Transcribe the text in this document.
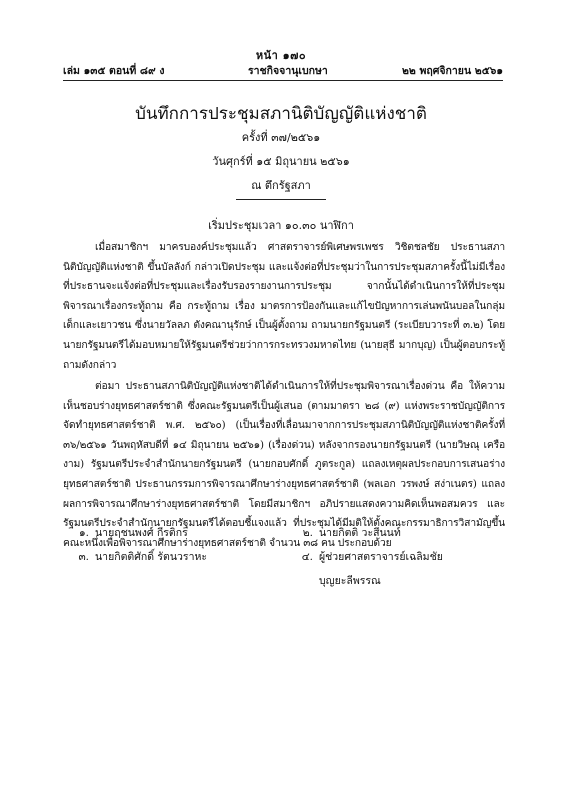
หน้า ๑๗๐
เล่ม ๑๓๕ ตอนที่ ๘๙ ง	ราชกิจจานุเบกษา	๒๒ พฤศจิกายน ๒๕๖๑
บันทึกการประชุมสภานิติบัญญัติแห่งชาติ
ครั้งที่ ๓๗/๒๕๖๑
วันศุกร์ที่ ๑๕ มิถุนายน ๒๕๖๑
ณ ตึกรัฐสภา
เริ่มประชุมเวลา ๑๐.๓๐ นาฬิกา

เมื่อสมาชิกฯ มาครบองค์ประชุมแล้ว ศาสตราจารย์พิเศษพรเพชร วิชิตชลชัย ประธานสภานิติบัญญัติแห่งชาติ ขึ้นบัลลังก์ กล่าวเปิดประชุม และแจ้งต่อที่ประชุมว่าในการประชุมสภาครั้งนี้ไม่มีเรื่องที่ประธานจะแจ้งต่อที่ประชุมและเรื่องรับรองรายงานการประชุม จากนั้นได้ดำเนินการให้ที่ประชุมพิจารณาเรื่องกระทู้ถาม คือ กระทู้ถาม เรื่อง มาตรการป้องกันและแก้ไขปัญหาการเล่นพนันบอลในกลุ่มเด็กและเยาวชน ซึ่งนายวัลลภ ตังคณานุรักษ์ เป็นผู้ตั้งถาม ถามนายกรัฐมนตรี (ระเบียบวาระที่ ๓.๒) โดยนายกรัฐมนตรีได้มอบหมายให้รัฐมนตรีช่วยว่าการกระทรวงมหาดไทย (นายสุธี มากบุญ) เป็นผู้ตอบกระทู้ถามดังกล่าว

ต่อมา ประธานสภานิติบัญญัติแห่งชาติได้ดำเนินการให้ที่ประชุมพิจารณาเรื่องด่วน คือ ให้ความเห็นชอบร่างยุทธศาสตร์ชาติ ซึ่งคณะรัฐมนตรีเป็นผู้เสนอ (ตามมาตรา ๒๘ (๙) แห่งพระราชบัญญัติการจัดทำยุทธศาสตร์ชาติ พ.ศ. ๒๕๖๐) (เป็นเรื่องที่เลื่อนมาจากการประชุมสภานิติบัญญัติแห่งชาติครั้งที่ ๓๖/๒๕๖๑ วันพฤหัสบดีที่ ๑๔ มิถุนายน ๒๕๖๑) (เรื่องด่วน) หลังจากรองนายกรัฐมนตรี (นายวิษณุ เครืองาม) รัฐมนตรีประจำสำนักนายกรัฐมนตรี (นายกอบศักดิ์ ภูตระกูล) แถลงเหตุผลประกอบการเสนอร่างยุทธศาสตร์ชาติ ประธานกรรมการพิจารณาศึกษาร่างยุทธศาสตร์ชาติ (พลเอก วรพงษ์ สง่าเนตร) แถลงผลการพิจารณาศึกษาร่างยุทธศาสตร์ชาติ โดยมีสมาชิกฯ อภิปรายแสดงความคิดเห็นพอสมควร และรัฐมนตรีประจำสำนักนายกรัฐมนตรีได้ตอบชี้แจงแล้ว ที่ประชุมได้มีมติให้ตั้งคณะกรรมาธิการวิสามัญขึ้นคณะหนึ่งเพื่อพิจารณาศึกษาร่างยุทธศาสตร์ชาติ จำนวน ๓๘ คน ประกอบด้วย

๑. นายฤชนพงศ์ กีรติกร	๒. นายกิตติ วะสีนนท์
๓. นายกิตติศักดิ์ รัตนวราหะ	๔. ผู้ช่วยศาสตราจารย์เฉลิมชัย
บุญยะลีพรรณ
